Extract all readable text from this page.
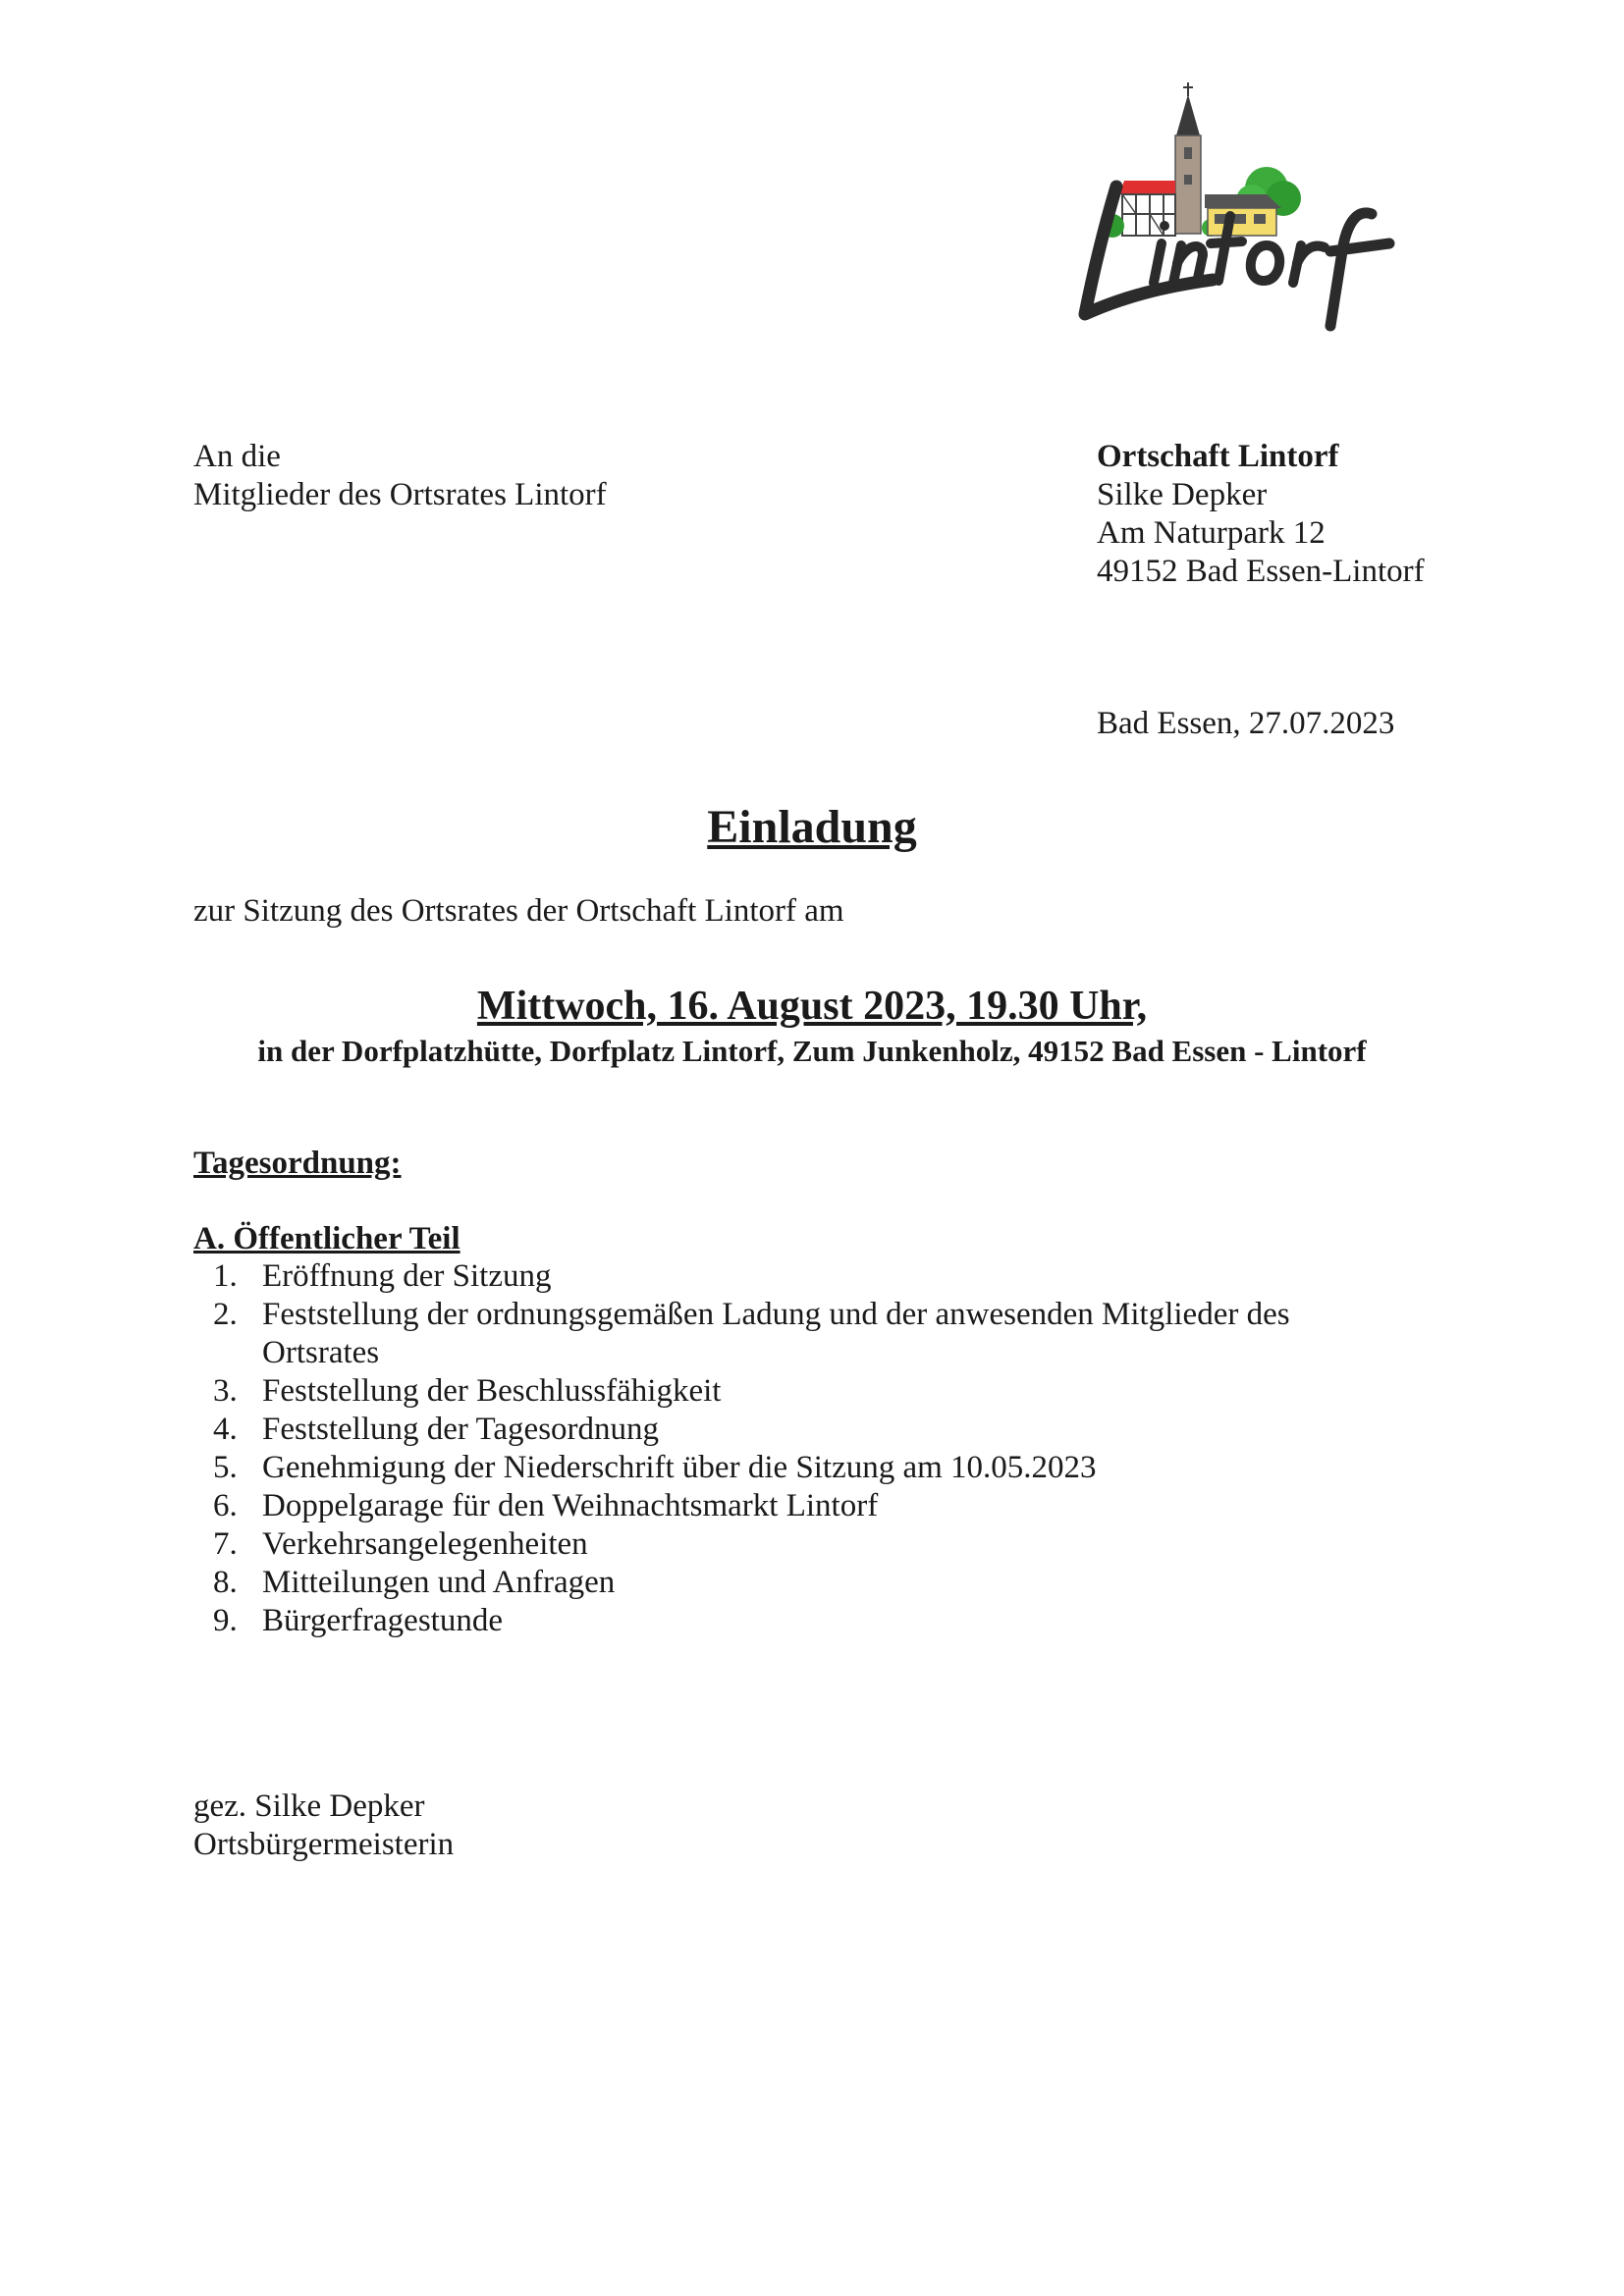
An die
Mitglieder des Ortsrates Lintorf
Ortschaft Lintorf
Silke Depker
Am Naturpark 12
49152 Bad Essen-Lintorf
Bad Essen, 27.07.2023
Einladung
zur Sitzung des Ortsrates der Ortschaft Lintorf am
Mittwoch, 16. August 2023, 19.30 Uhr,
in der Dorfplatzhütte, Dorfplatz Lintorf, Zum Junkenholz, 49152 Bad Essen - Lintorf
Tagesordnung:
A. Öffentlicher Teil
1. Eröffnung der Sitzung
2. Feststellung der ordnungsgemäßen Ladung und der anwesenden Mitglieder des Ortsrates
3. Feststellung der Beschlussfähigkeit
4. Feststellung der Tagesordnung
5. Genehmigung der Niederschrift über die Sitzung am 10.05.2023
6. Doppelgarage für den Weihnachtsmarkt Lintorf
7. Verkehrsangelegenheiten
8. Mitteilungen und Anfragen
9. Bürgerfragestunde
gez. Silke Depker
Ortsbürgermeisterin
